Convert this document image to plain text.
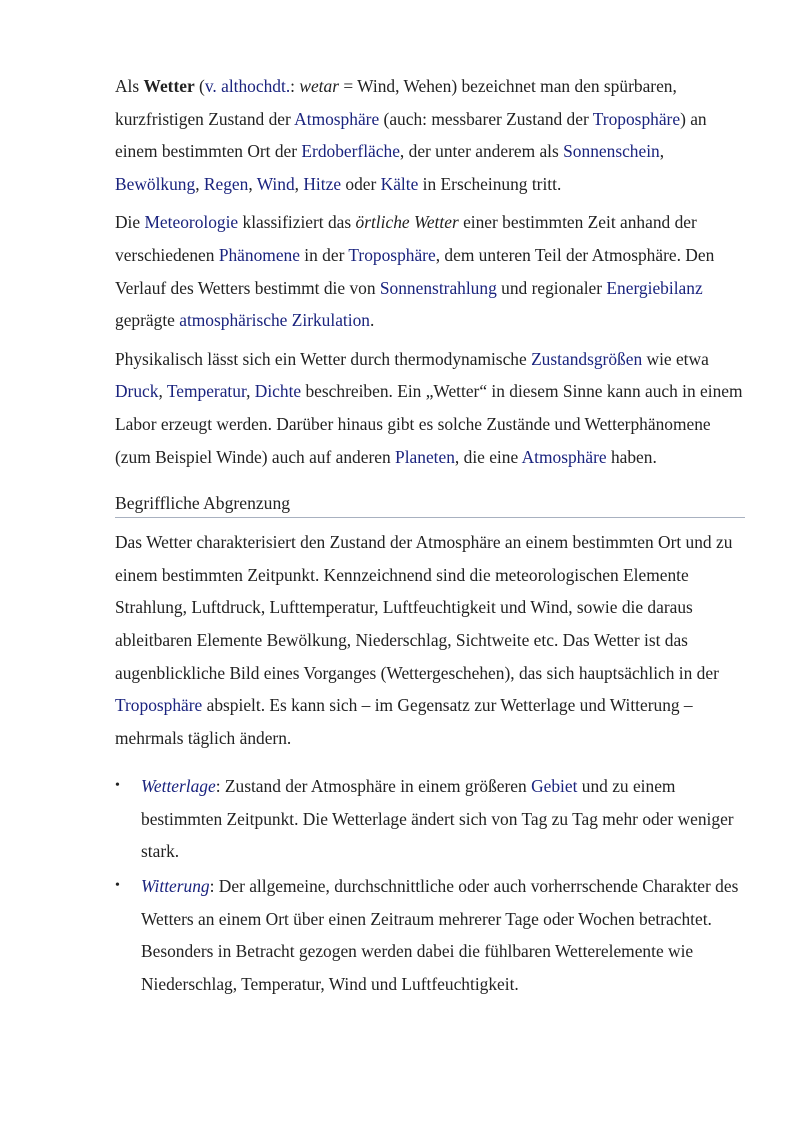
Als Wetter (v. althochdt.: wetar = Wind, Wehen) bezeichnet man den spürbaren, kurzfristigen Zustand der Atmosphäre (auch: messbarer Zustand der Troposphäre) an einem bestimmten Ort der Erdoberfläche, der unter anderem als Sonnenschein, Bewölkung, Regen, Wind, Hitze oder Kälte in Erscheinung tritt.

Die Meteorologie klassifiziert das örtliche Wetter einer bestimmten Zeit anhand der verschiedenen Phänomene in der Troposphäre, dem unteren Teil der Atmosphäre. Den Verlauf des Wetters bestimmt die von Sonnenstrahlung und regionaler Energiebilanz geprägte atmosphärische Zirkulation.

Physikalisch lässt sich ein Wetter durch thermodynamische Zustandsgrößen wie etwa Druck, Temperatur, Dichte beschreiben. Ein „Wetter“ in diesem Sinne kann auch in einem Labor erzeugt werden. Darüber hinaus gibt es solche Zustände und Wetterphänomene (zum Beispiel Winde) auch auf anderen Planeten, die eine Atmosphäre haben.

Begriffliche Abgrenzung

Das Wetter charakterisiert den Zustand der Atmosphäre an einem bestimmten Ort und zu einem bestimmten Zeitpunkt. Kennzeichnend sind die meteorologischen Elemente Strahlung, Luftdruck, Lufttemperatur, Luftfeuchtigkeit und Wind, sowie die daraus ableitbaren Elemente Bewölkung, Niederschlag, Sichtweite etc. Das Wetter ist das augenblickliche Bild eines Vorganges (Wettergeschehen), das sich hauptsächlich in der Troposphäre abspielt. Es kann sich – im Gegensatz zur Wetterlage und Witterung – mehrmals täglich ändern.

• Wetterlage: Zustand der Atmosphäre in einem größeren Gebiet und zu einem bestimmten Zeitpunkt. Die Wetterlage ändert sich von Tag zu Tag mehr oder weniger stark.
• Witterung: Der allgemeine, durchschnittliche oder auch vorherrschende Charakter des Wetters an einem Ort über einen Zeitraum mehrerer Tage oder Wochen betrachtet. Besonders in Betracht gezogen werden dabei die fühlbaren Wetterelemente wie Niederschlag, Temperatur, Wind und Luftfeuchtigkeit.
